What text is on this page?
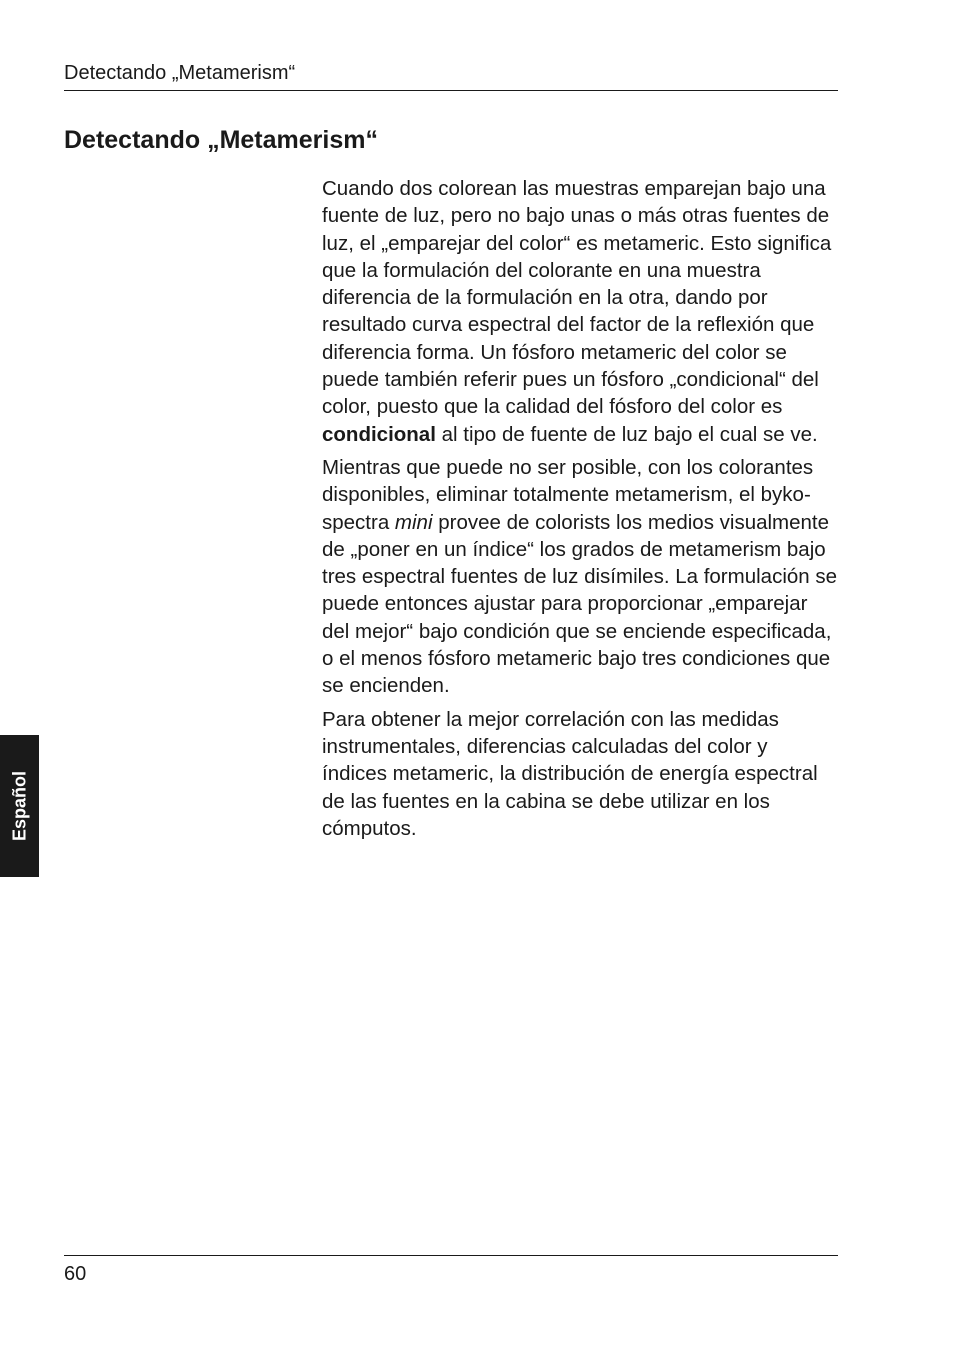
Detectando „Metamerism“
Detectando „Metamerism“

Cuando dos colorean las muestras emparejan bajo una fuente de luz, pero no bajo unas o más otras fuentes de luz, el „emparejar del color“ es metameric. Esto significa que la formulación del colorante en una muestra diferencia de la formulación en la otra, dando por resultado curva espectral del factor de la reflexión que diferencia forma. Un fósforo metameric del color se puede también referir pues un fósforo „condicional“ del color, puesto que la calidad del fósforo del color es condicional al tipo de fuente de luz bajo el cual se ve.

Mientras que puede no ser posible, con los colorantes disponibles, eliminar totalmente metamerism, el byko-spectra mini provee de colorists los medios visualmente de „poner en un índice“ los grados de metamerism bajo tres espectral fuentes de luz disímiles. La formulación se puede entonces ajustar para proporcionar „emparejar del mejor“ bajo condición que se enciende especificada, o el menos fósforo metameric bajo tres condiciones que se encienden.

Para obtener la mejor correlación con las medidas instrumentales, diferencias calculadas del color y índices metameric, la distribución de energía espectral de las fuentes en la cabina se debe utilizar en los cómputos.

Español
60
